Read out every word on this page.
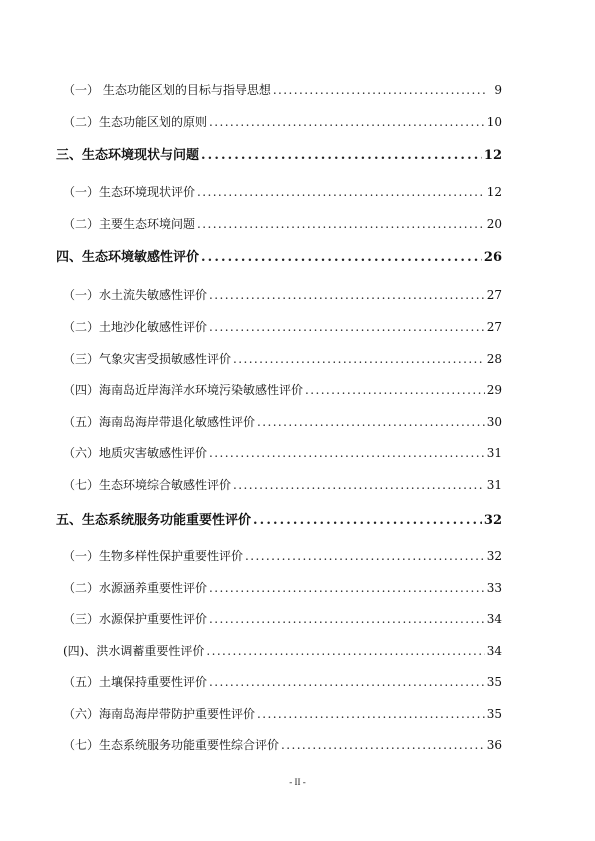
（一） 生态功能区划的目标与指导思想 . . .	9
（二）生态功能区划的原则 . . .	10
三、生态环境现状与问题 . . .	12
（一）生态环境现状评价 . . .	12
（二）主要生态环境问题 . . .	20
四、生态环境敏感性评价 . . .	26
（一）水土流失敏感性评价 . . .	27
（二）土地沙化敏感性评价 . . .	27
（三）气象灾害受损敏感性评价 . . .	28
（四）海南岛近岸海洋水环境污染敏感性评价 . . .	29
（五）海南岛海岸带退化敏感性评价 . . .	30
（六）地质灾害敏感性评价 . . .	31
（七）生态环境综合敏感性评价 . . .	31
五、生态系统服务功能重要性评价 . . .	32
（一）生物多样性保护重要性评价 . . .	32
（二）水源涵养重要性评价 . . .	33
（三）水源保护重要性评价 . . .	34
(四)、洪水调蓄重要性评价 . . .	34
（五）土壤保持重要性评价 . . .	35
（六）海南岛海岸带防护重要性评价 . . .	35
（七）生态系统服务功能重要性综合评价 . . .	36
- II -
